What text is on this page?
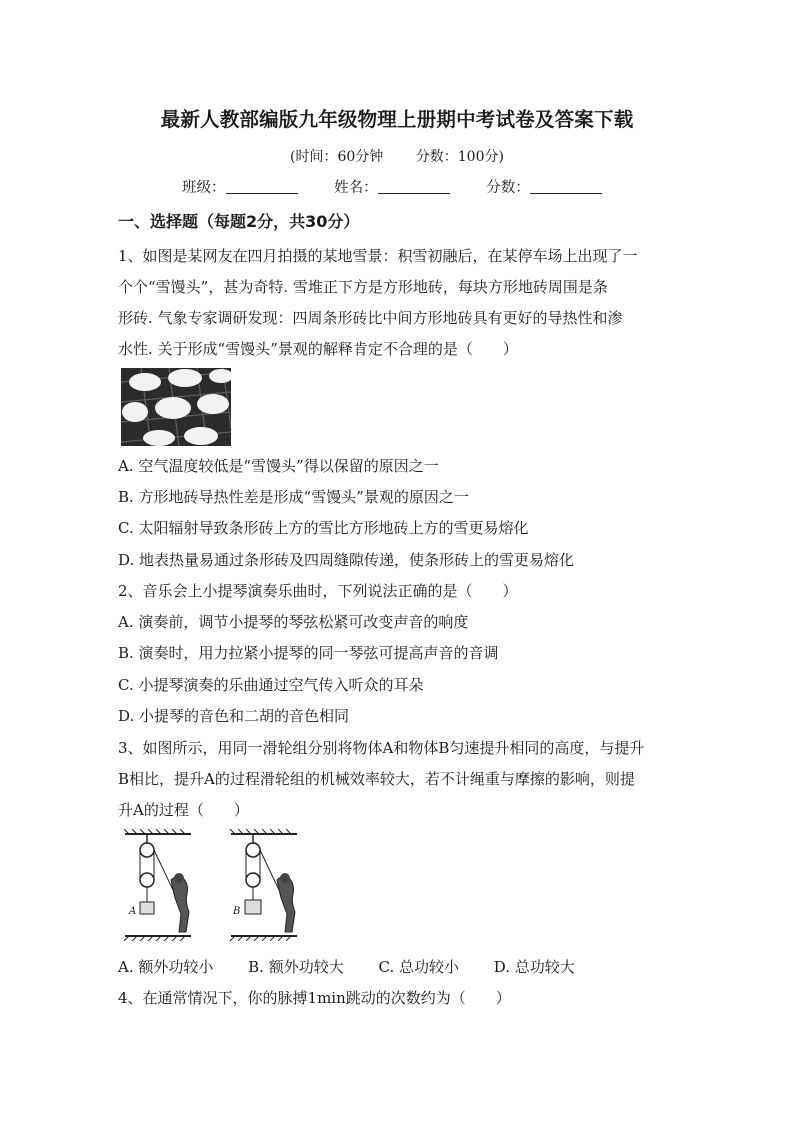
最新人教部编版九年级物理上册期中考试卷及答案下载
(时间：60分钟 分数：100分)
班级：	姓名：	分数：
一、选择题（每题2分，共30分）
1、如图是某网友在四月拍摄的某地雪景：积雪初融后，在某停车场上出现了一
个个“雪馒头”，甚为奇特. 雪堆正下方是方形地砖，每块方形地砖周围是条
形砖. 气象专家调研发现：四周条形砖比中间方形地砖具有更好的导热性和渗
水性. 关于形成“雪馒头”景观的解释肯定不合理的是（　　）
A. 空气温度较低是“雪馒头”得以保留的原因之一
B. 方形地砖导热性差是形成“雪馒头”景观的原因之一
C. 太阳辐射导致条形砖上方的雪比方形地砖上方的雪更易熔化
D. 地表热量易通过条形砖及四周缝隙传递，使条形砖上的雪更易熔化
2、音乐会上小提琴演奏乐曲时，下列说法正确的是（　　）
A. 演奏前，调节小提琴的琴弦松紧可改变声音的响度
B. 演奏时，用力拉紧小提琴的同一琴弦可提高声音的音调
C. 小提琴演奏的乐曲通过空气传入听众的耳朵
D. 小提琴的音色和二胡的音色相同
3、如图所示，用同一滑轮组分别将物体A和物体B匀速提升相同的高度，与提升
B相比，提升A的过程滑轮组的机械效率较大，若不计绳重与摩擦的影响，则提
升A的过程（　　）
A	B
A. 额外功较小 B. 额外功较大 C. 总功较小 D. 总功较大
4、在通常情况下，你的脉搏1min跳动的次数约为（　　）
